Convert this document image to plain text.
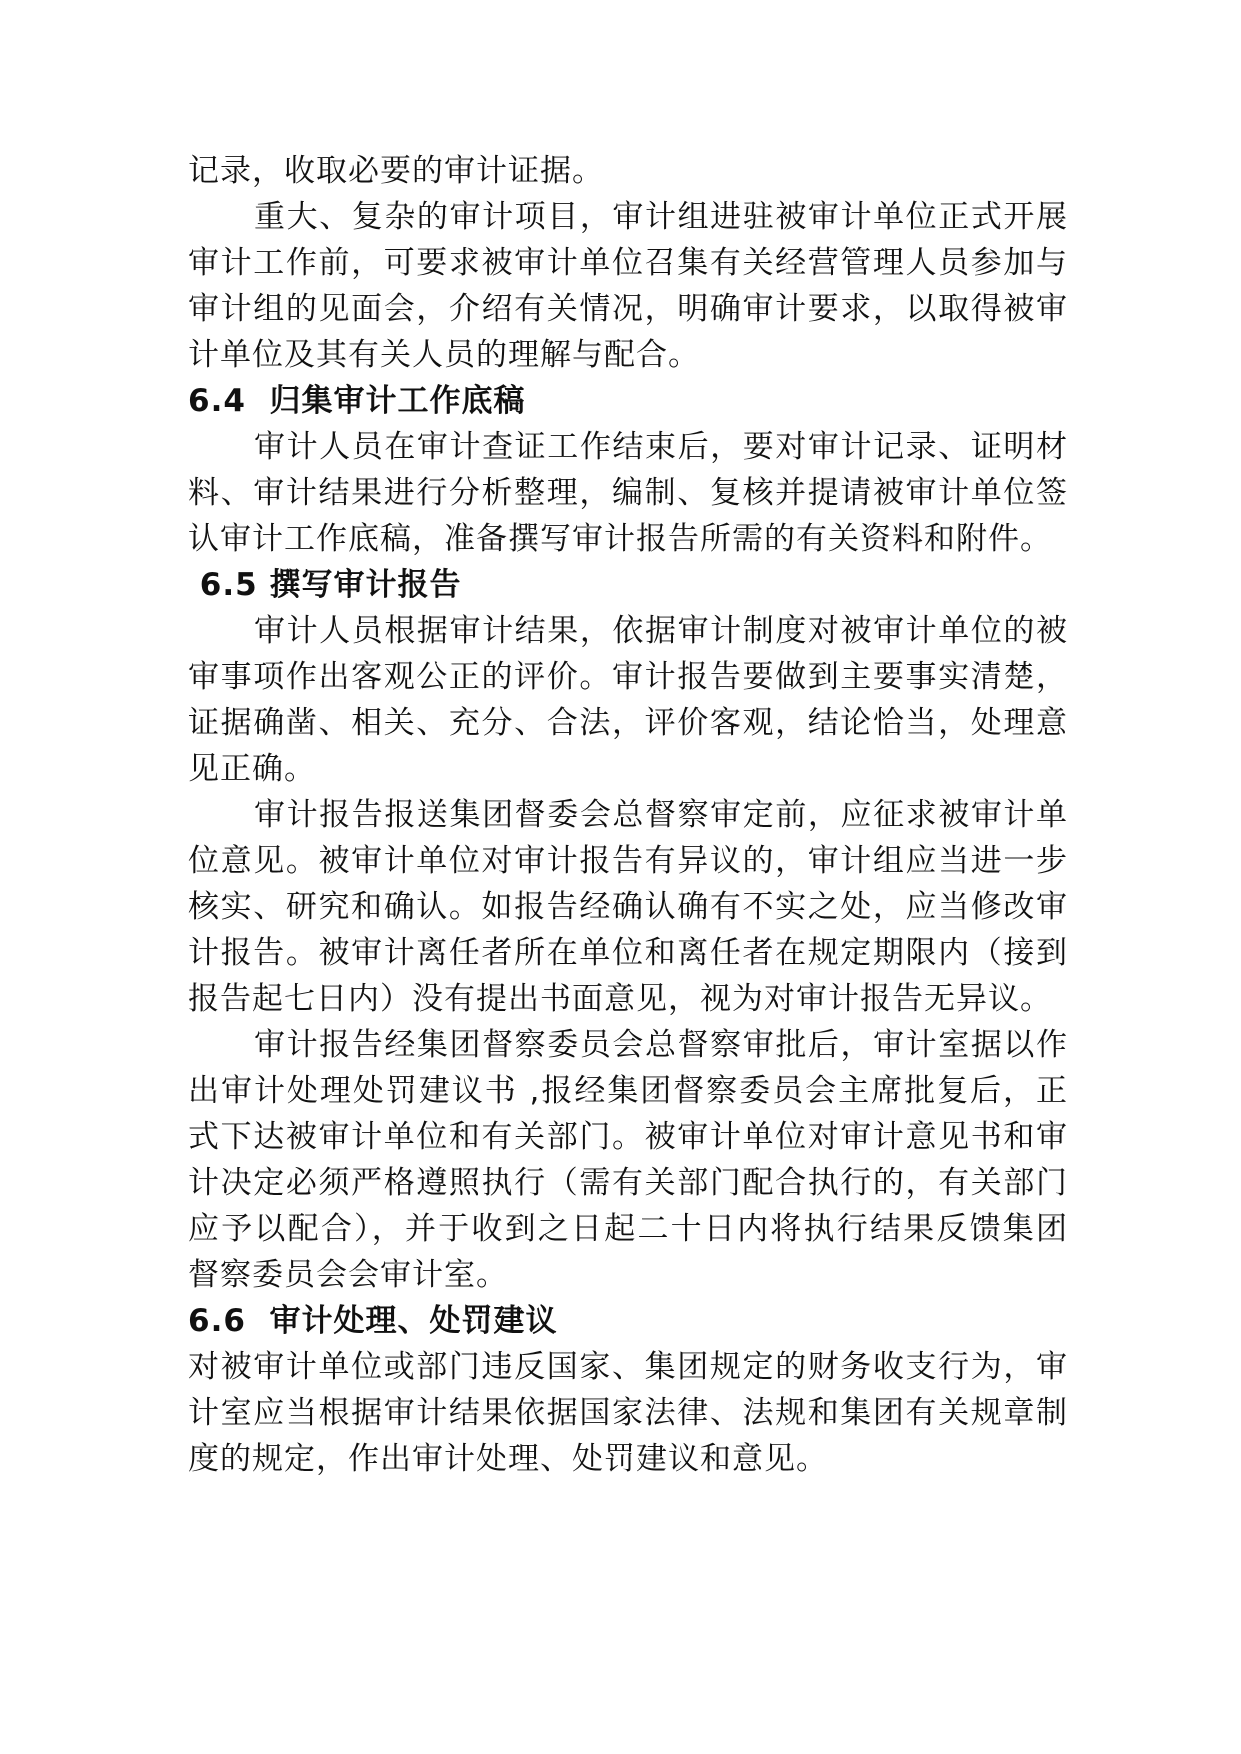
记录，收取必要的审计证据。

重大、复杂的审计项目，审计组进驻被审计单位正式开展审计工作前，可要求被审计单位召集有关经营管理人员参加与审计组的见面会，介绍有关情况，明确审计要求，以取得被审计单位及其有关人员的理解与配合。

6.4  归集审计工作底稿

审计人员在审计查证工作结束后，要对审计记录、证明材料、审计结果进行分析整理，编制、复核并提请被审计单位签认审计工作底稿，准备撰写审计报告所需的有关资料和附件。

6.5 撰写审计报告

审计人员根据审计结果，依据审计制度对被审计单位的被审事项作出客观公正的评价。审计报告要做到主要事实清楚，证据确凿、相关、充分、合法，评价客观，结论恰当，处理意见正确。

审计报告报送集团督委会总督察审定前，应征求被审计单位意见。被审计单位对审计报告有异议的，审计组应当进一步核实、研究和确认。如报告经确认确有不实之处，应当修改审计报告。被审计离任者所在单位和离任者在规定期限内（接到报告起七日内）没有提出书面意见，视为对审计报告无异议。

审计报告经集团督察委员会总督察审批后，审计室据以作出审计处理处罚建议书 ,报经集团督察委员会主席批复后，正式下达被审计单位和有关部门。被审计单位对审计意见书和审计决定必须严格遵照执行（需有关部门配合执行的，有关部门应予以配合），并于收到之日起二十日内将执行结果反馈集团督察委员会会审计室。

6.6  审计处理、处罚建议

对被审计单位或部门违反国家、集团规定的财务收支行为，审计室应当根据审计结果依据国家法律、法规和集团有关规章制度的规定，作出审计处理、处罚建议和意见。
